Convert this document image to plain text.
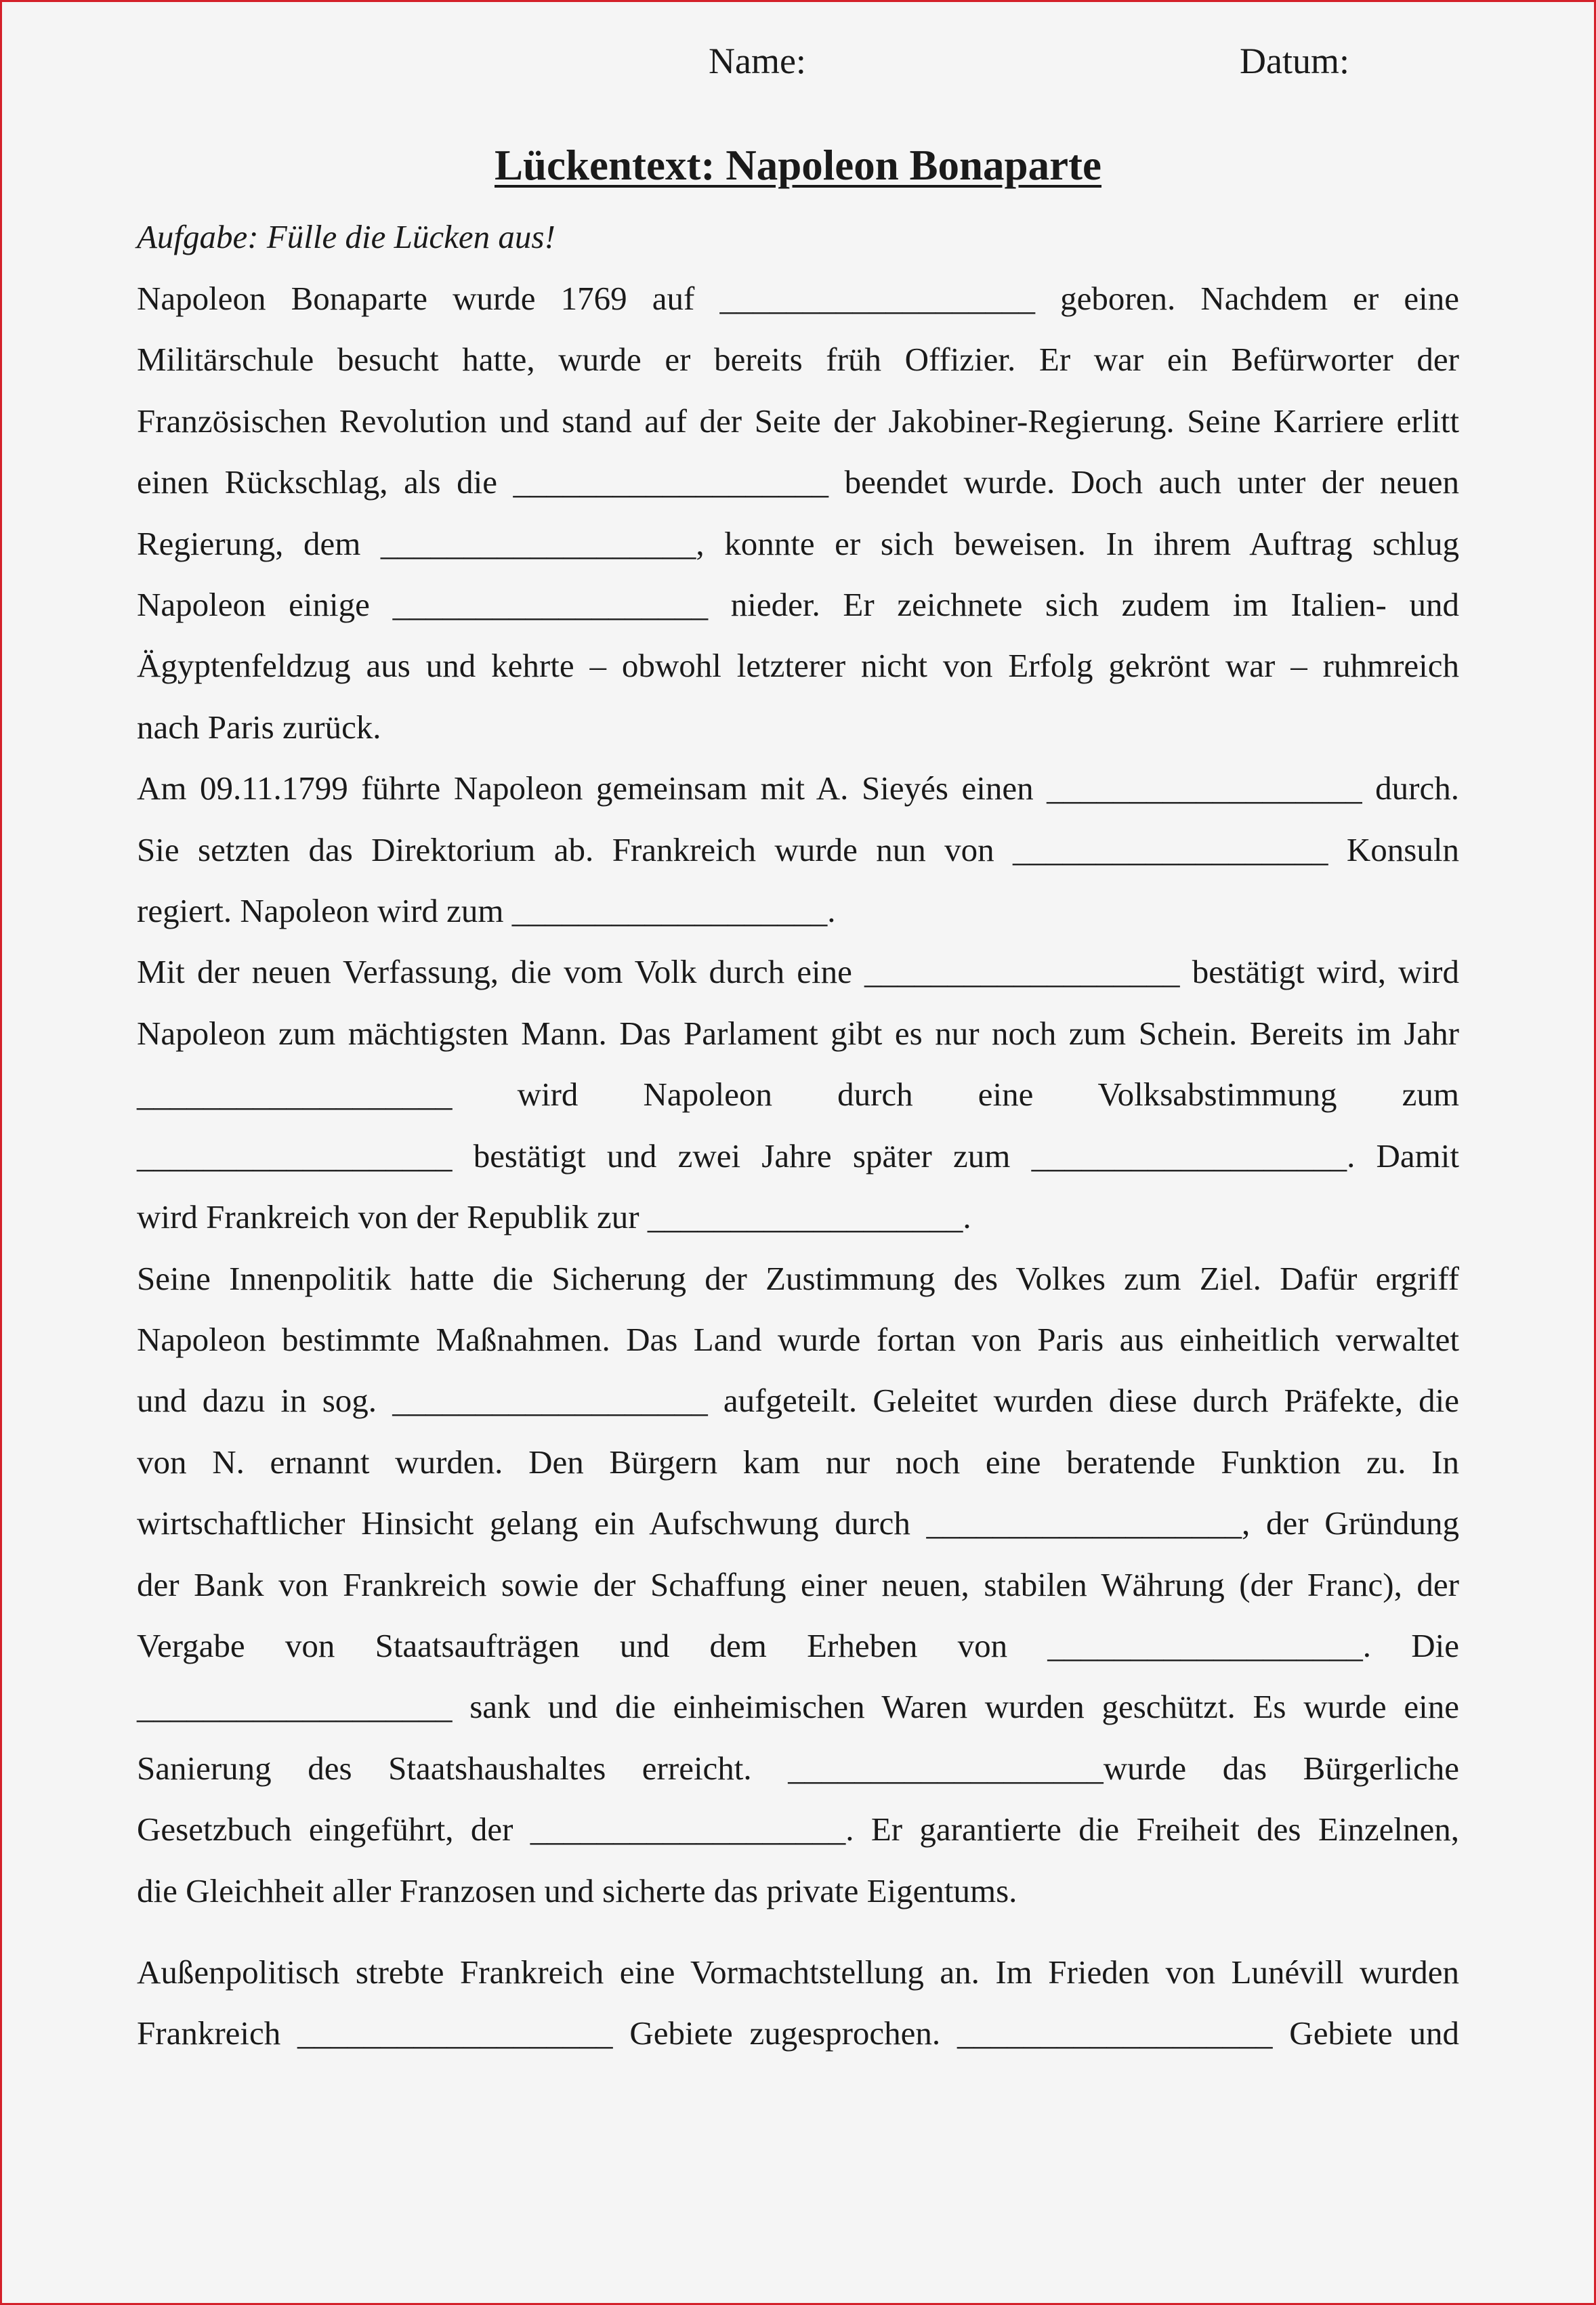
Name:	Datum:
Lückentext: Napoleon Bonaparte
Aufgabe: Fülle die Lücken aus!
Napoleon Bonaparte wurde 1769 auf ___________________ geboren. Nachdem er eine
Militärschule besucht hatte, wurde er bereits früh Offizier. Er war ein Befürworter der
Französischen Revolution und stand auf der Seite der Jakobiner-Regierung. Seine Karriere erlitt
einen Rückschlag, als die ___________________ beendet wurde. Doch auch unter der neuen
Regierung, dem ___________________, konnte er sich beweisen. In ihrem Auftrag schlug
Napoleon einige ___________________ nieder. Er zeichnete sich zudem im Italien- und
Ägyptenfeldzug aus und kehrte – obwohl letzterer nicht von Erfolg gekrönt war – ruhmreich
nach Paris zurück.
Am 09.11.1799 führte Napoleon gemeinsam mit A. Sieyés einen ___________________ durch.
Sie setzten das Direktorium ab. Frankreich wurde nun von ___________________ Konsuln
regiert. Napoleon wird zum ___________________.
Mit der neuen Verfassung, die vom Volk durch eine ___________________ bestätigt wird, wird
Napoleon zum mächtigsten Mann. Das Parlament gibt es nur noch zum Schein. Bereits im Jahr
___________________ wird Napoleon durch eine Volksabstimmung zum
___________________ bestätigt und zwei Jahre später zum ___________________. Damit
wird Frankreich von der Republik zur ___________________.
Seine Innenpolitik hatte die Sicherung der Zustimmung des Volkes zum Ziel. Dafür ergriff
Napoleon bestimmte Maßnahmen. Das Land wurde fortan von Paris aus einheitlich verwaltet
und dazu in sog. ___________________ aufgeteilt. Geleitet wurden diese durch Präfekte, die
von N. ernannt wurden. Den Bürgern kam nur noch eine beratende Funktion zu. In
wirtschaftlicher Hinsicht gelang ein Aufschwung durch ___________________, der Gründung
der Bank von Frankreich sowie der Schaffung einer neuen, stabilen Währung (der Franc), der
Vergabe von Staatsaufträgen und dem Erheben von ___________________. Die
___________________ sank und die einheimischen Waren wurden geschützt. Es wurde eine
Sanierung des Staatshaushaltes erreicht. ___________________wurde das Bürgerliche
Gesetzbuch eingeführt, der ___________________. Er garantierte die Freiheit des Einzelnen,
die Gleichheit aller Franzosen und sicherte das private Eigentums.
Außenpolitisch strebte Frankreich eine Vormachtstellung an. Im Frieden von Lunévill wurden
Frankreich ___________________ Gebiete zugesprochen. ___________________ Gebiete und
